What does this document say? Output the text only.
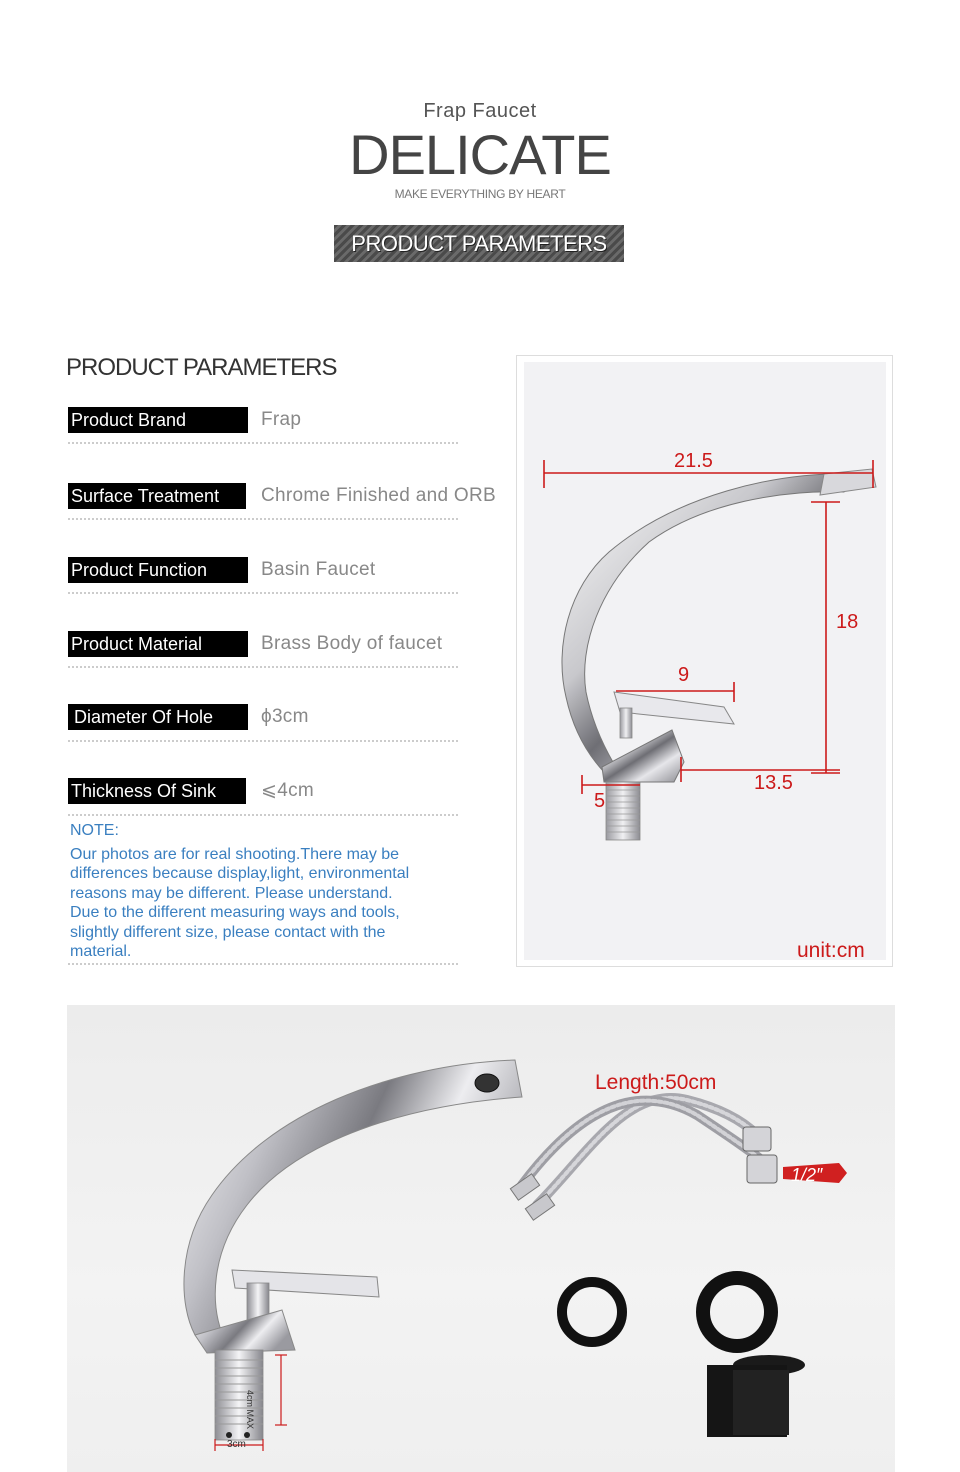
Frap Faucet
DELICATE
MAKE EVERYTHING BY HEART
PRODUCT PARAMETERS
PRODUCT PARAMETERS
Product Brand	Frap
Surface Treatment	Chrome Finished and ORB
Product Function	Basin Faucet
Product Material	Brass Body of faucet
Diameter Of Hole	ϕ3cm
Thickness Of Sink	⩽4cm
NOTE:
Our photos are for real shooting.There may be
differences because display,light, environmental
reasons may be different. Please understand.
Due to the different measuring ways and tools,
slightly different size, please contact with the
material.
21.5
18
9
13.5
5
unit:cm
Length:50cm
1/2″
3cm
4cm MAX
